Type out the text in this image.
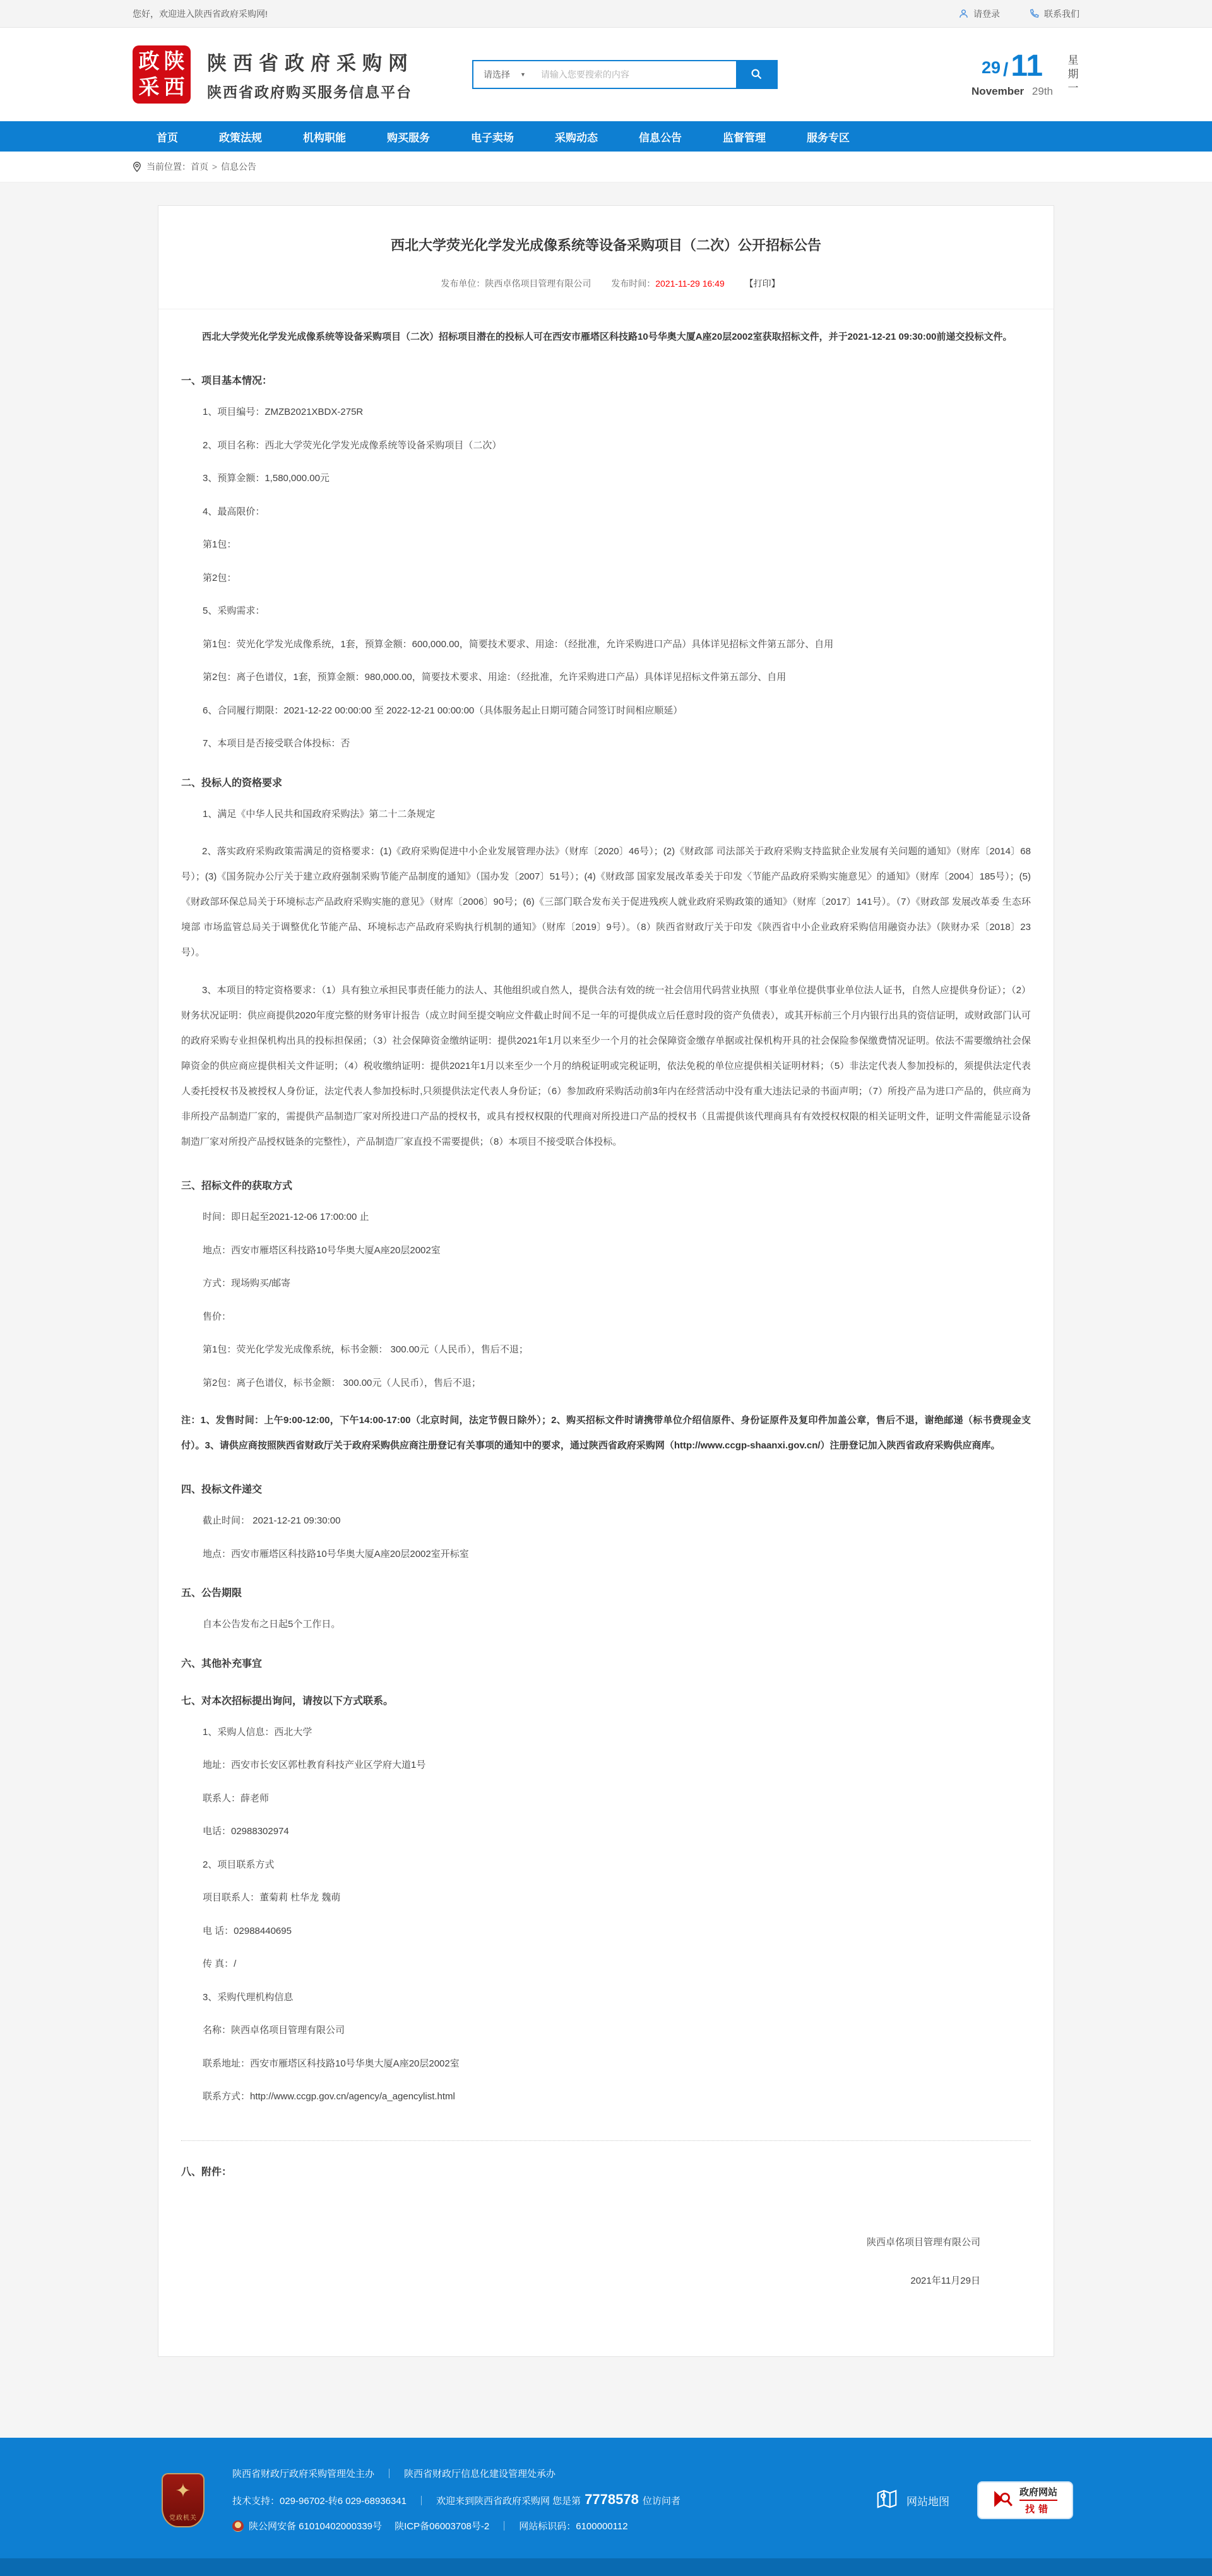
您好，欢迎进入陕西省政府采购网!	请登录	联系我们
政 陕
采 西
陕西省政府采购网
陕西省政府购买服务信息平台
请选择 ▼
请输入您要搜索的内容	29 /11
November 29th
星
期
一
首页	政策法规	机构职能	购买服务	电子卖场	采购动态	信息公告	监督管理	服务专区
当前位置：首页 > 信息公告
西北大学荧光化学发光成像系统等设备采购项目（二次）公开招标公告
发布单位：陕西卓佲项目管理有限公司 发布时间：2021-11-29 16:49 【打印】
西北大学荧光化学发光成像系统等设备采购项目（二次）招标项目潜在的投标人可在西安市雁塔区科技路10号华奥大厦A座20层2002室获取招标文件，并于2021-12-21 09:30:00前递交投标文件。
一、项目基本情况：
1、项目编号：ZMZB2021XBDX-275R
2、项目名称：西北大学荧光化学发光成像系统等设备采购项目（二次）
3、预算金额：1,580,000.00元
4、最高限价：
第1包：
第2包：
5、采购需求：
第1包：荧光化学发光成像系统，1套，预算金额：600,000.00，简要技术要求、用途：（经批准，允许采购进口产品）具体详见招标文件第五部分、自用
第2包：离子色谱仪，1套，预算金额：980,000.00，简要技术要求、用途：（经批准，允许采购进口产品）具体详见招标文件第五部分、自用
6、合同履行期限：2021-12-22 00:00:00 至 2022-12-21 00:00:00（具体服务起止日期可随合同签订时间相应顺延）
7、本项目是否接受联合体投标：否
二、投标人的资格要求
1、满足《中华人民共和国政府采购法》第二十二条规定
2、落实政府采购政策需满足的资格要求：(1)《政府采购促进中小企业发展管理办法》（财库〔2020〕46号）；(2)《财政部 司法部关于政府采购支持监狱企业发展有关问题的通知》（财库〔2014〕68号）；(3)《国务院办公厅关于建立政府强制采购节能产品制度的通知》（国办发〔2007〕51号）；(4)《财政部 国家发展改革委关于印发〈节能产品政府采购实施意见〉的通知》（财库〔2004〕185号）；(5)《财政部环保总局关于环境标志产品政府采购实施的意见》（财库〔2006〕90号；(6)《三部门联合发布关于促进残疾人就业政府采购政策的通知》（财库〔2017〕141号）。（7）《财政部 发展改革委 生态环境部 市场监管总局关于调整优化节能产品、环境标志产品政府采购执行机制的通知》（财库〔2019〕9号）。（8）陕西省财政厅关于印发《陕西省中小企业政府采购信用融资办法》（陕财办采〔2018〕23号）。
3、本项目的特定资格要求：（1）具有独立承担民事责任能力的法人、其他组织或自然人，提供合法有效的统一社会信用代码营业执照（事业单位提供事业单位法人证书，自然人应提供身份证）；（2）财务状况证明：供应商提供2020年度完整的财务审计报告（成立时间至提交响应文件截止时间不足一年的可提供成立后任意时段的资产负债表），或其开标前三个月内银行出具的资信证明，或财政部门认可的政府采购专业担保机构出具的投标担保函；（3）社会保障资金缴纳证明：提供2021年1月以来至少一个月的社会保障资金缴存单据或社保机构开具的社会保险参保缴费情况证明。依法不需要缴纳社会保障资金的供应商应提供相关文件证明；（4）税收缴纳证明：提供2021年1月以来至少一个月的纳税证明或完税证明，依法免税的单位应提供相关证明材料；（5）非法定代表人参加投标的，须提供法定代表人委托授权书及被授权人身份证，法定代表人参加投标时,只须提供法定代表人身份证；（6）参加政府采购活动前3年内在经营活动中没有重大违法记录的书面声明；（7）所投产品为进口产品的，供应商为非所投产品制造厂家的，需提供产品制造厂家对所投进口产品的授权书，或具有授权权限的代理商对所投进口产品的授权书（且需提供该代理商具有有效授权权限的相关证明文件，证明文件需能显示设备制造厂家对所投产品授权链条的完整性），产品制造厂家直投不需要提供；（8）本项目不接受联合体投标。
三、招标文件的获取方式
时间：即日起至2021-12-06 17:00:00 止
地点：西安市雁塔区科技路10号华奥大厦A座20层2002室
方式：现场购买/邮寄
售价：
第1包：荧光化学发光成像系统，标书金额： 300.00元（人民币），售后不退；
第2包：离子色谱仪，标书金额： 300.00元（人民币），售后不退；
注：1、发售时间：上午9:00-12:00，下午14:00-17:00（北京时间，法定节假日除外）；2、购买招标文件时请携带单位介绍信原件、身份证原件及复印件加盖公章，售后不退，谢绝邮递（标书费现金支付）。3、请供应商按照陕西省财政厅关于政府采购供应商注册登记有关事项的通知中的要求，通过陕西省政府采购网（http://www.ccgp-shaanxi.gov.cn/）注册登记加入陕西省政府采购供应商库。
四、投标文件递交
截止时间： 2021-12-21 09:30:00
地点：西安市雁塔区科技路10号华奥大厦A座20层2002室开标室
五、公告期限
自本公告发布之日起5个工作日。
六、其他补充事宜
七、对本次招标提出询问，请按以下方式联系。
1、采购人信息：西北大学
地址：西安市长安区郭杜教育科技产业区学府大道1号
联系人：薛老师
电话：02988302974
2、项目联系方式
项目联系人：董菊莉 杜华龙 魏萌
电 话：02988440695
传 真：/
3、采购代理机构信息
名称：陕西卓佲项目管理有限公司
联系地址：西安市雁塔区科技路10号华奥大厦A座20层2002室
联系方式：http://www.ccgp.gov.cn/agency/a_agencylist.html
八、附件：
陕西卓佲项目管理有限公司
2021年11月29日
✦
党政机关
陕西省财政厅政府采购管理处主办 ｜ 陕西省财政厅信息化建设管理处承办
技术支持：029-96702-转6 029-68936341 ｜ 欢迎来到陕西省政府采购网 您是第 7778578 位访问者
陕公网安备 61010402000339号 陕ICP备06003708号-2 ｜ 网站标识码：6100000112
网站地图
政府网站
找错
